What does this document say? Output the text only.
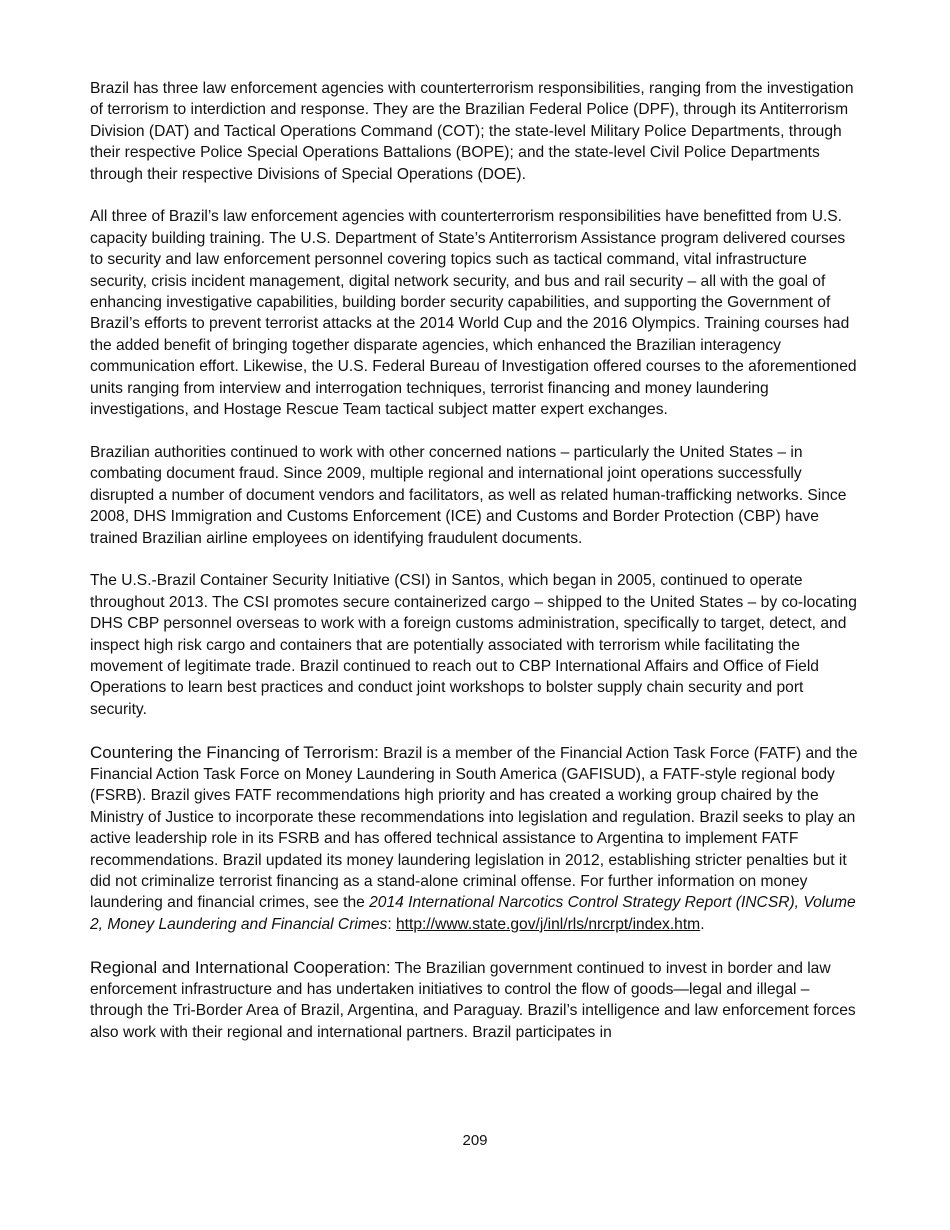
Brazil has three law enforcement agencies with counterterrorism responsibilities, ranging from the investigation of terrorism to interdiction and response. They are the Brazilian Federal Police (DPF), through its Antiterrorism Division (DAT) and Tactical Operations Command (COT); the state-level Military Police Departments, through their respective Police Special Operations Battalions (BOPE); and the state-level Civil Police Departments through their respective Divisions of Special Operations (DOE).

All three of Brazil’s law enforcement agencies with counterterrorism responsibilities have benefitted from U.S. capacity building training. The U.S. Department of State’s Antiterrorism Assistance program delivered courses to security and law enforcement personnel covering topics such as tactical command, vital infrastructure security, crisis incident management, digital network security, and bus and rail security – all with the goal of enhancing investigative capabilities, building border security capabilities, and supporting the Government of Brazil’s efforts to prevent terrorist attacks at the 2014 World Cup and the 2016 Olympics. Training courses had the added benefit of bringing together disparate agencies, which enhanced the Brazilian interagency communication effort. Likewise, the U.S. Federal Bureau of Investigation offered courses to the aforementioned units ranging from interview and interrogation techniques, terrorist financing and money laundering investigations, and Hostage Rescue Team tactical subject matter expert exchanges.

Brazilian authorities continued to work with other concerned nations – particularly the United States – in combating document fraud. Since 2009, multiple regional and international joint operations successfully disrupted a number of document vendors and facilitators, as well as related human-trafficking networks. Since 2008, DHS Immigration and Customs Enforcement (ICE) and Customs and Border Protection (CBP) have trained Brazilian airline employees on identifying fraudulent documents.

The U.S.-Brazil Container Security Initiative (CSI) in Santos, which began in 2005, continued to operate throughout 2013. The CSI promotes secure containerized cargo – shipped to the United States – by co-locating DHS CBP personnel overseas to work with a foreign customs administration, specifically to target, detect, and inspect high risk cargo and containers that are potentially associated with terrorism while facilitating the movement of legitimate trade. Brazil continued to reach out to CBP International Affairs and Office of Field Operations to learn best practices and conduct joint workshops to bolster supply chain security and port security.

Countering the Financing of Terrorism: Brazil is a member of the Financial Action Task Force (FATF) and the Financial Action Task Force on Money Laundering in South America (GAFISUD), a FATF-style regional body (FSRB). Brazil gives FATF recommendations high priority and has created a working group chaired by the Ministry of Justice to incorporate these recommendations into legislation and regulation. Brazil seeks to play an active leadership role in its FSRB and has offered technical assistance to Argentina to implement FATF recommendations. Brazil updated its money laundering legislation in 2012, establishing stricter penalties but it did not criminalize terrorist financing as a stand-alone criminal offense. For further information on money laundering and financial crimes, see the 2014 International Narcotics Control Strategy Report (INCSR), Volume 2, Money Laundering and Financial Crimes: http://www.state.gov/j/inl/rls/nrcrpt/index.htm.

Regional and International Cooperation: The Brazilian government continued to invest in border and law enforcement infrastructure and has undertaken initiatives to control the flow of goods—legal and illegal – through the Tri-Border Area of Brazil, Argentina, and Paraguay. Brazil’s intelligence and law enforcement forces also work with their regional and international partners. Brazil participates in

209
